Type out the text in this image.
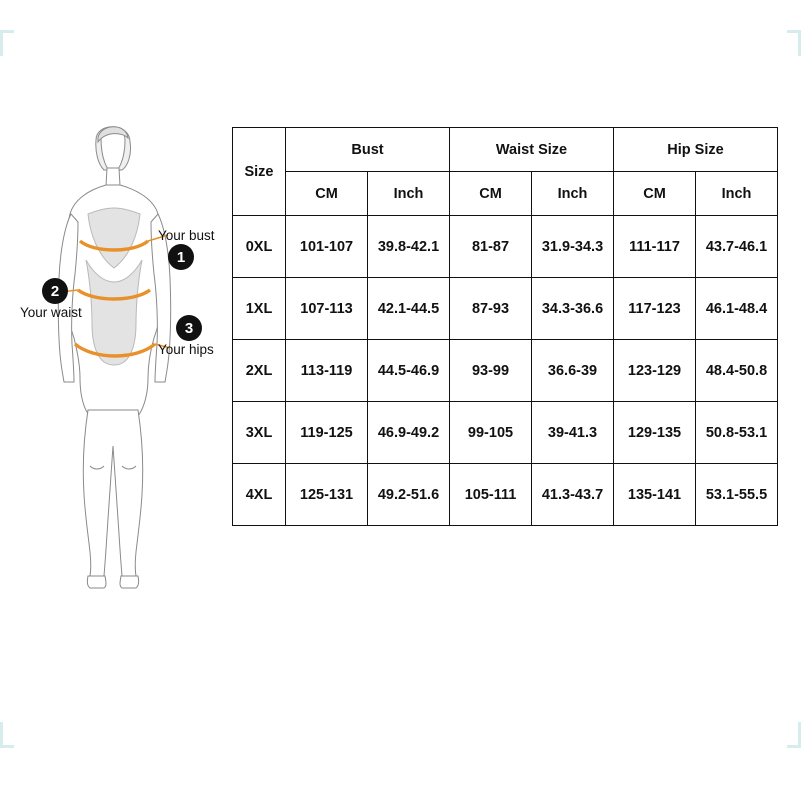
Your bust
1
2
Your waist
3
Your hips
Size	Bust		Waist Size		Hip Size	
	CM	Inch	CM	Inch	CM	Inch
0XL	101-107	39.8-42.1	81-87	31.9-34.3	111-117	43.7-46.1
1XL	107-113	42.1-44.5	87-93	34.3-36.6	117-123	46.1-48.4
2XL	113-119	44.5-46.9	93-99	36.6-39	123-129	48.4-50.8
3XL	119-125	46.9-49.2	99-105	39-41.3	129-135	50.8-53.1
4XL	125-131	49.2-51.6	105-111	41.3-43.7	135-141	53.1-55.5
